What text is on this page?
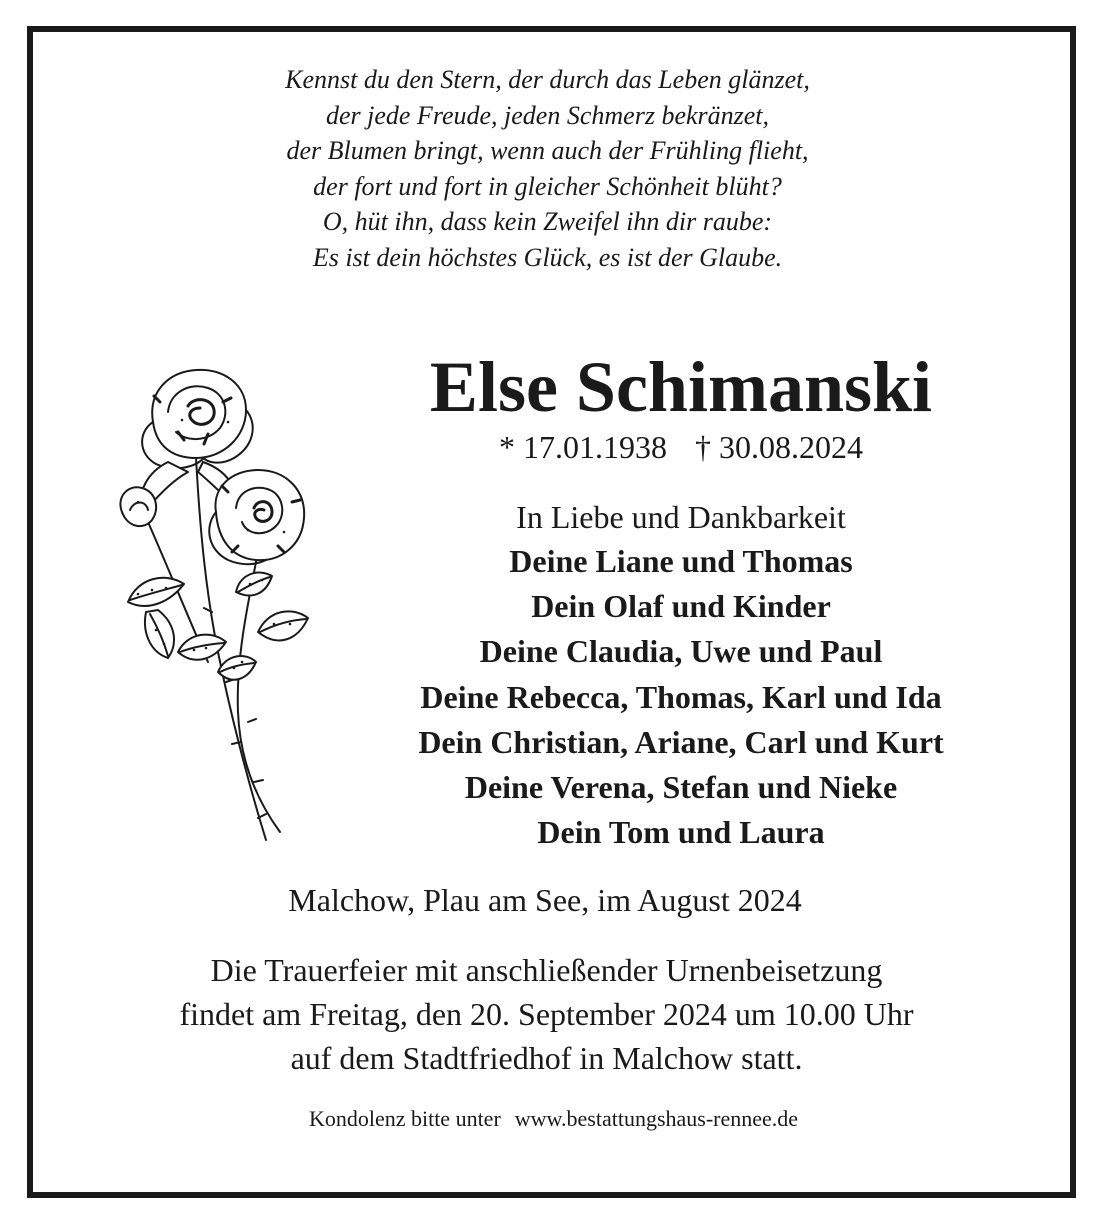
Kennst du den Stern, der durch das Leben glänzet,
der jede Freude, jeden Schmerz bekränzet,
der Blumen bringt, wenn auch der Frühling flieht,
der fort und fort in gleicher Schönheit blüht?
O, hüt ihn, dass kein Zweifel ihn dir raube:
Es ist dein höchstes Glück, es ist der Glaube.
Else Schimanski
* 17.01.1938 † 30.08.2024
In Liebe und Dankbarkeit
Deine Liane und Thomas
Dein Olaf und Kinder
Deine Claudia, Uwe und Paul
Deine Rebecca, Thomas, Karl und Ida
Dein Christian, Ariane, Carl und Kurt
Deine Verena, Stefan und Nieke
Dein Tom und Laura
Malchow, Plau am See, im August 2024
Die Trauerfeier mit anschließender Urnenbeisetzung
findet am Freitag, den 20. September 2024 um 10.00 Uhr
auf dem Stadtfriedhof in Malchow statt.
Kondolenz bitte unter www.bestattungshaus-rennee.de
